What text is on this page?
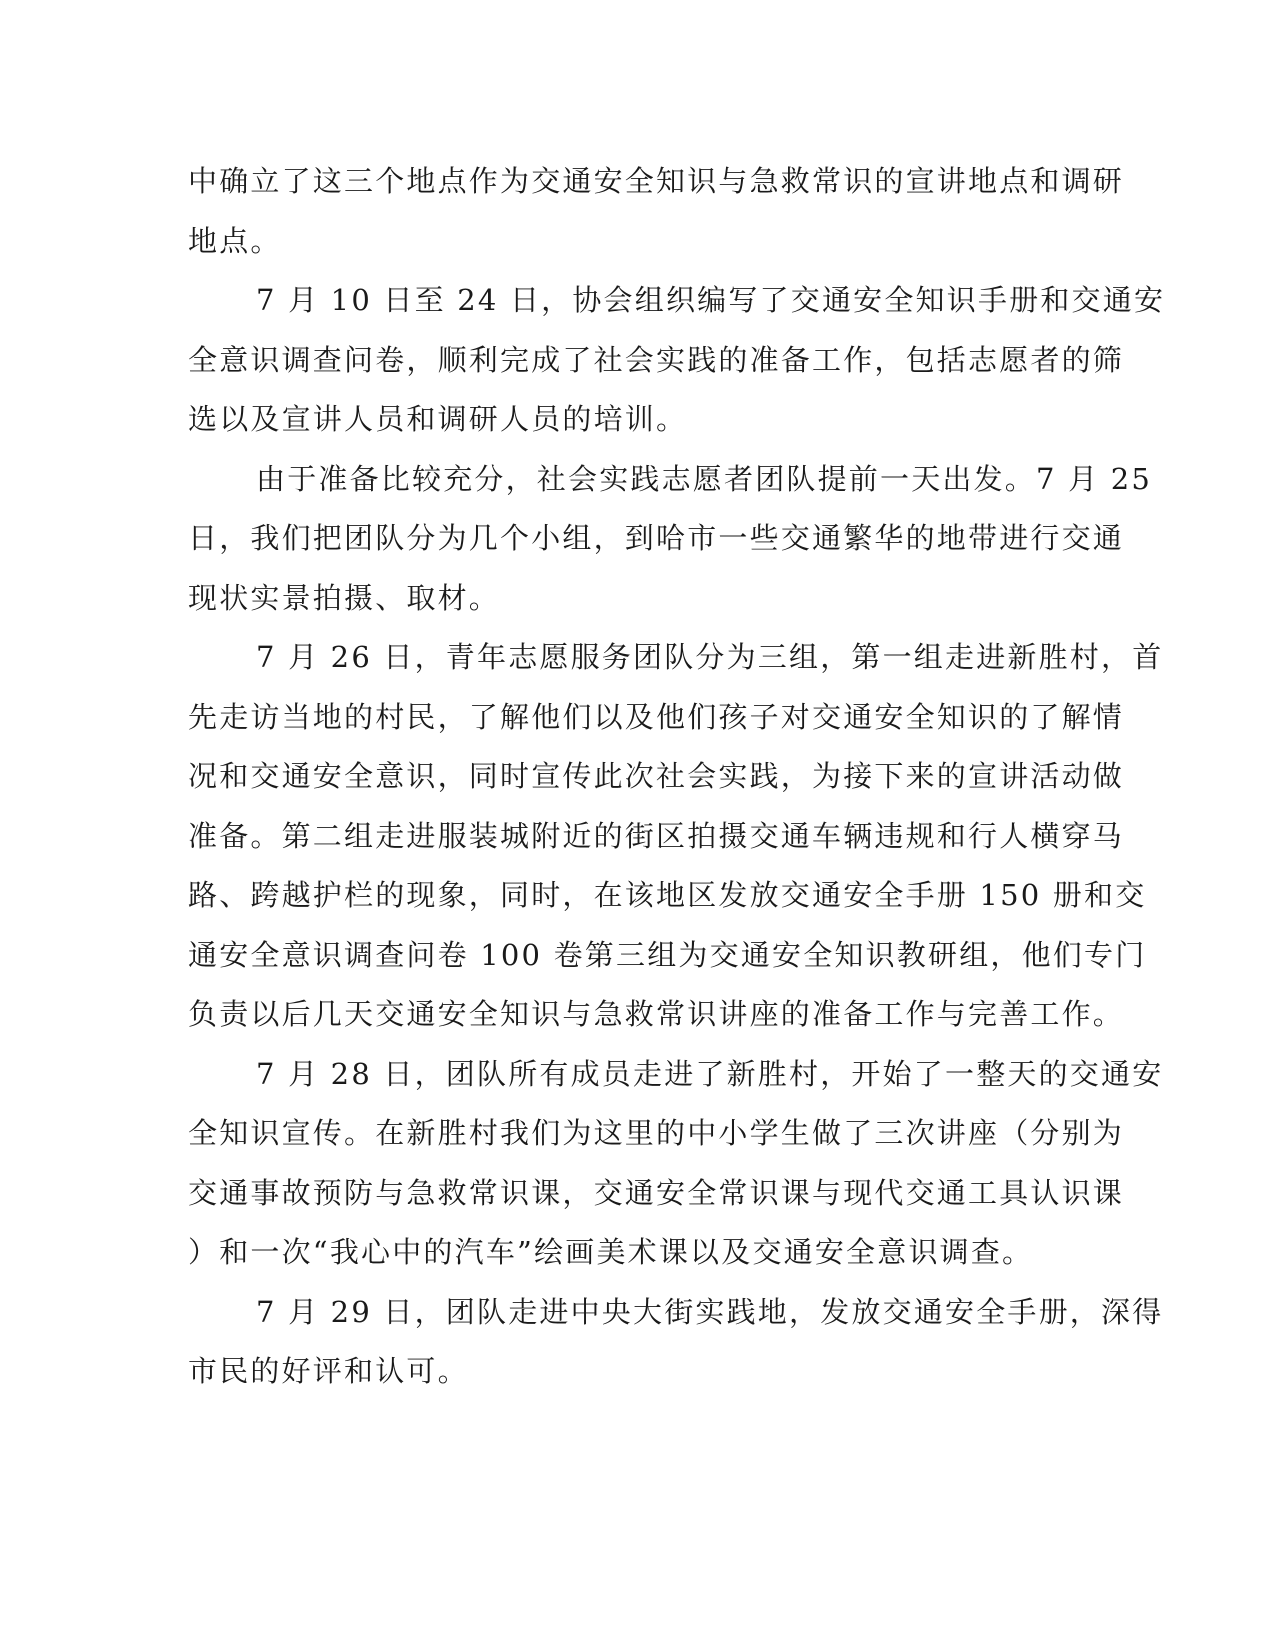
中确立了这三个地点作为交通安全知识与急救常识的宣讲地点和调研
地点。
7 月 10 日至 24 日，协会组织编写了交通安全知识手册和交通安
全意识调查问卷，顺利完成了社会实践的准备工作，包括志愿者的筛
选以及宣讲人员和调研人员的培训。
由于准备比较充分，社会实践志愿者团队提前一天出发。7 月 25
日，我们把团队分为几个小组，到哈市一些交通繁华的地带进行交通
现状实景拍摄、取材。
7 月 26 日，青年志愿服务团队分为三组，第一组走进新胜村，首
先走访当地的村民，了解他们以及他们孩子对交通安全知识的了解情
况和交通安全意识，同时宣传此次社会实践，为接下来的宣讲活动做
准备。第二组走进服装城附近的街区拍摄交通车辆违规和行人横穿马
路、跨越护栏的现象，同时，在该地区发放交通安全手册 150 册和交
通安全意识调查问卷 100 卷第三组为交通安全知识教研组，他们专门
负责以后几天交通安全知识与急救常识讲座的准备工作与完善工作。
7 月 28 日，团队所有成员走进了新胜村，开始了一整天的交通安
全知识宣传。在新胜村我们为这里的中小学生做了三次讲座（分别为
交通事故预防与急救常识课，交通安全常识课与现代交通工具认识课
）和一次“我心中的汽车”绘画美术课以及交通安全意识调查。
7 月 29 日，团队走进中央大街实践地，发放交通安全手册，深得
市民的好评和认可。
